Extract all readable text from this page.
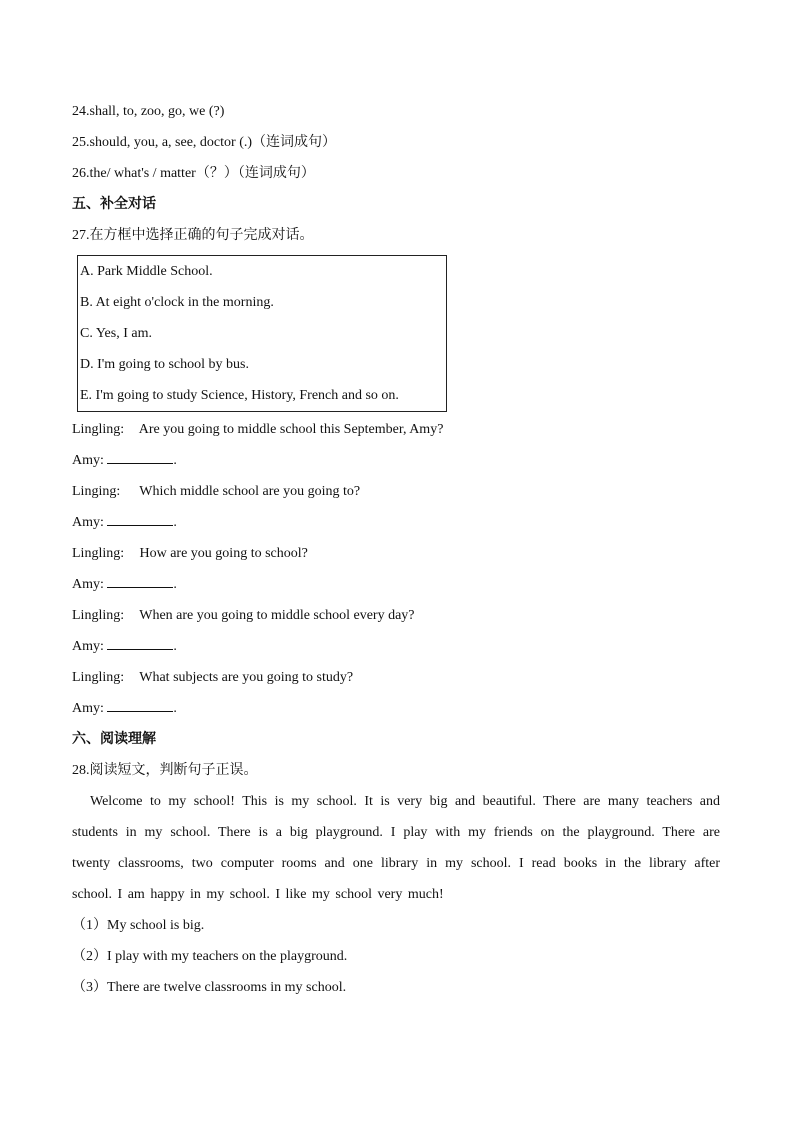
24.shall, to, zoo, go, we (?)
25.should, you, a, see, doctor (.)（连词成句）
26.the/ what's / matter（？）（连词成句）
五、补全对话
27.在方框中选择正确的句子完成对话。
A. Park Middle School.
B. At eight o'clock in the morning.
C. Yes, I am.
D. I'm going to school by bus.
E. I'm going to study Science, History, French and so on.
Lingling: Are you going to middle school this September, Amy?
Amy:	.
Linging: Which middle school are you going to?
Amy:	.
Lingling: How are you going to school?
Amy:	.
Lingling: When are you going to middle school every day?
Amy:	.
Lingling: What subjects are you going to study?
Amy:	.
六、阅读理解
28.阅读短文，判断句子正误。
Welcome to my school! This is my school. It is very big and beautiful. There are many teachers and students in my school. There is a big playground. I play with my friends on the playground. There are twenty classrooms, two computer rooms and one library in my school. I read books in the library after school. I am happy in my school. I like my school very much!
（1）My school is big.
（2）I play with my teachers on the playground.
（3）There are twelve classrooms in my school.
